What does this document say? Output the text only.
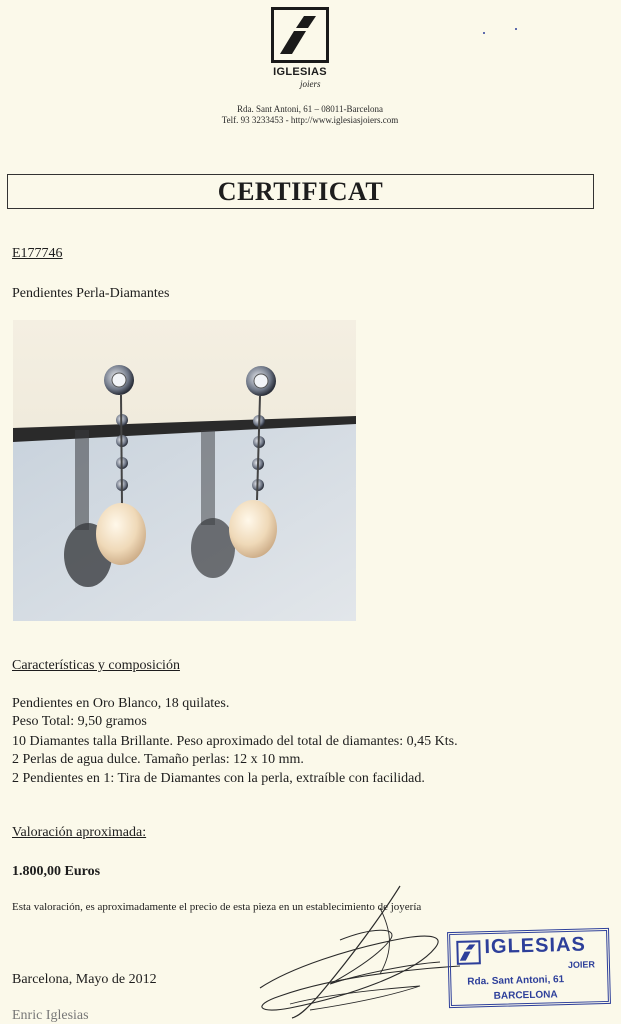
IGLESIAS
joiers
Rda. Sant Antoni, 61 – 08011-Barcelona
Telf. 93 3233453 - http://www.iglesiasjoiers.com
CERTIFICAT
E177746
Pendientes Perla-Diamantes
Características y composición
Pendientes en Oro Blanco, 18 quilates.
Peso Total: 9,50 gramos
10 Diamantes talla Brillante. Peso aproximado del total de diamantes: 0,45 Kts.
2 Perlas de agua dulce. Tamaño perlas: 12 x 10 mm.
2 Pendientes en 1: Tira de Diamantes con la perla, extraíble con facilidad.
Valoración aproximada:
1.800,00 Euros
Esta valoración, es aproximadamente el precio de esta pieza en un establecimiento de joyería
IGLESIAS
JOIER
Rda. Sant Antoni, 61
BARCELONA
Barcelona, Mayo de 2012
Enric Iglesias
